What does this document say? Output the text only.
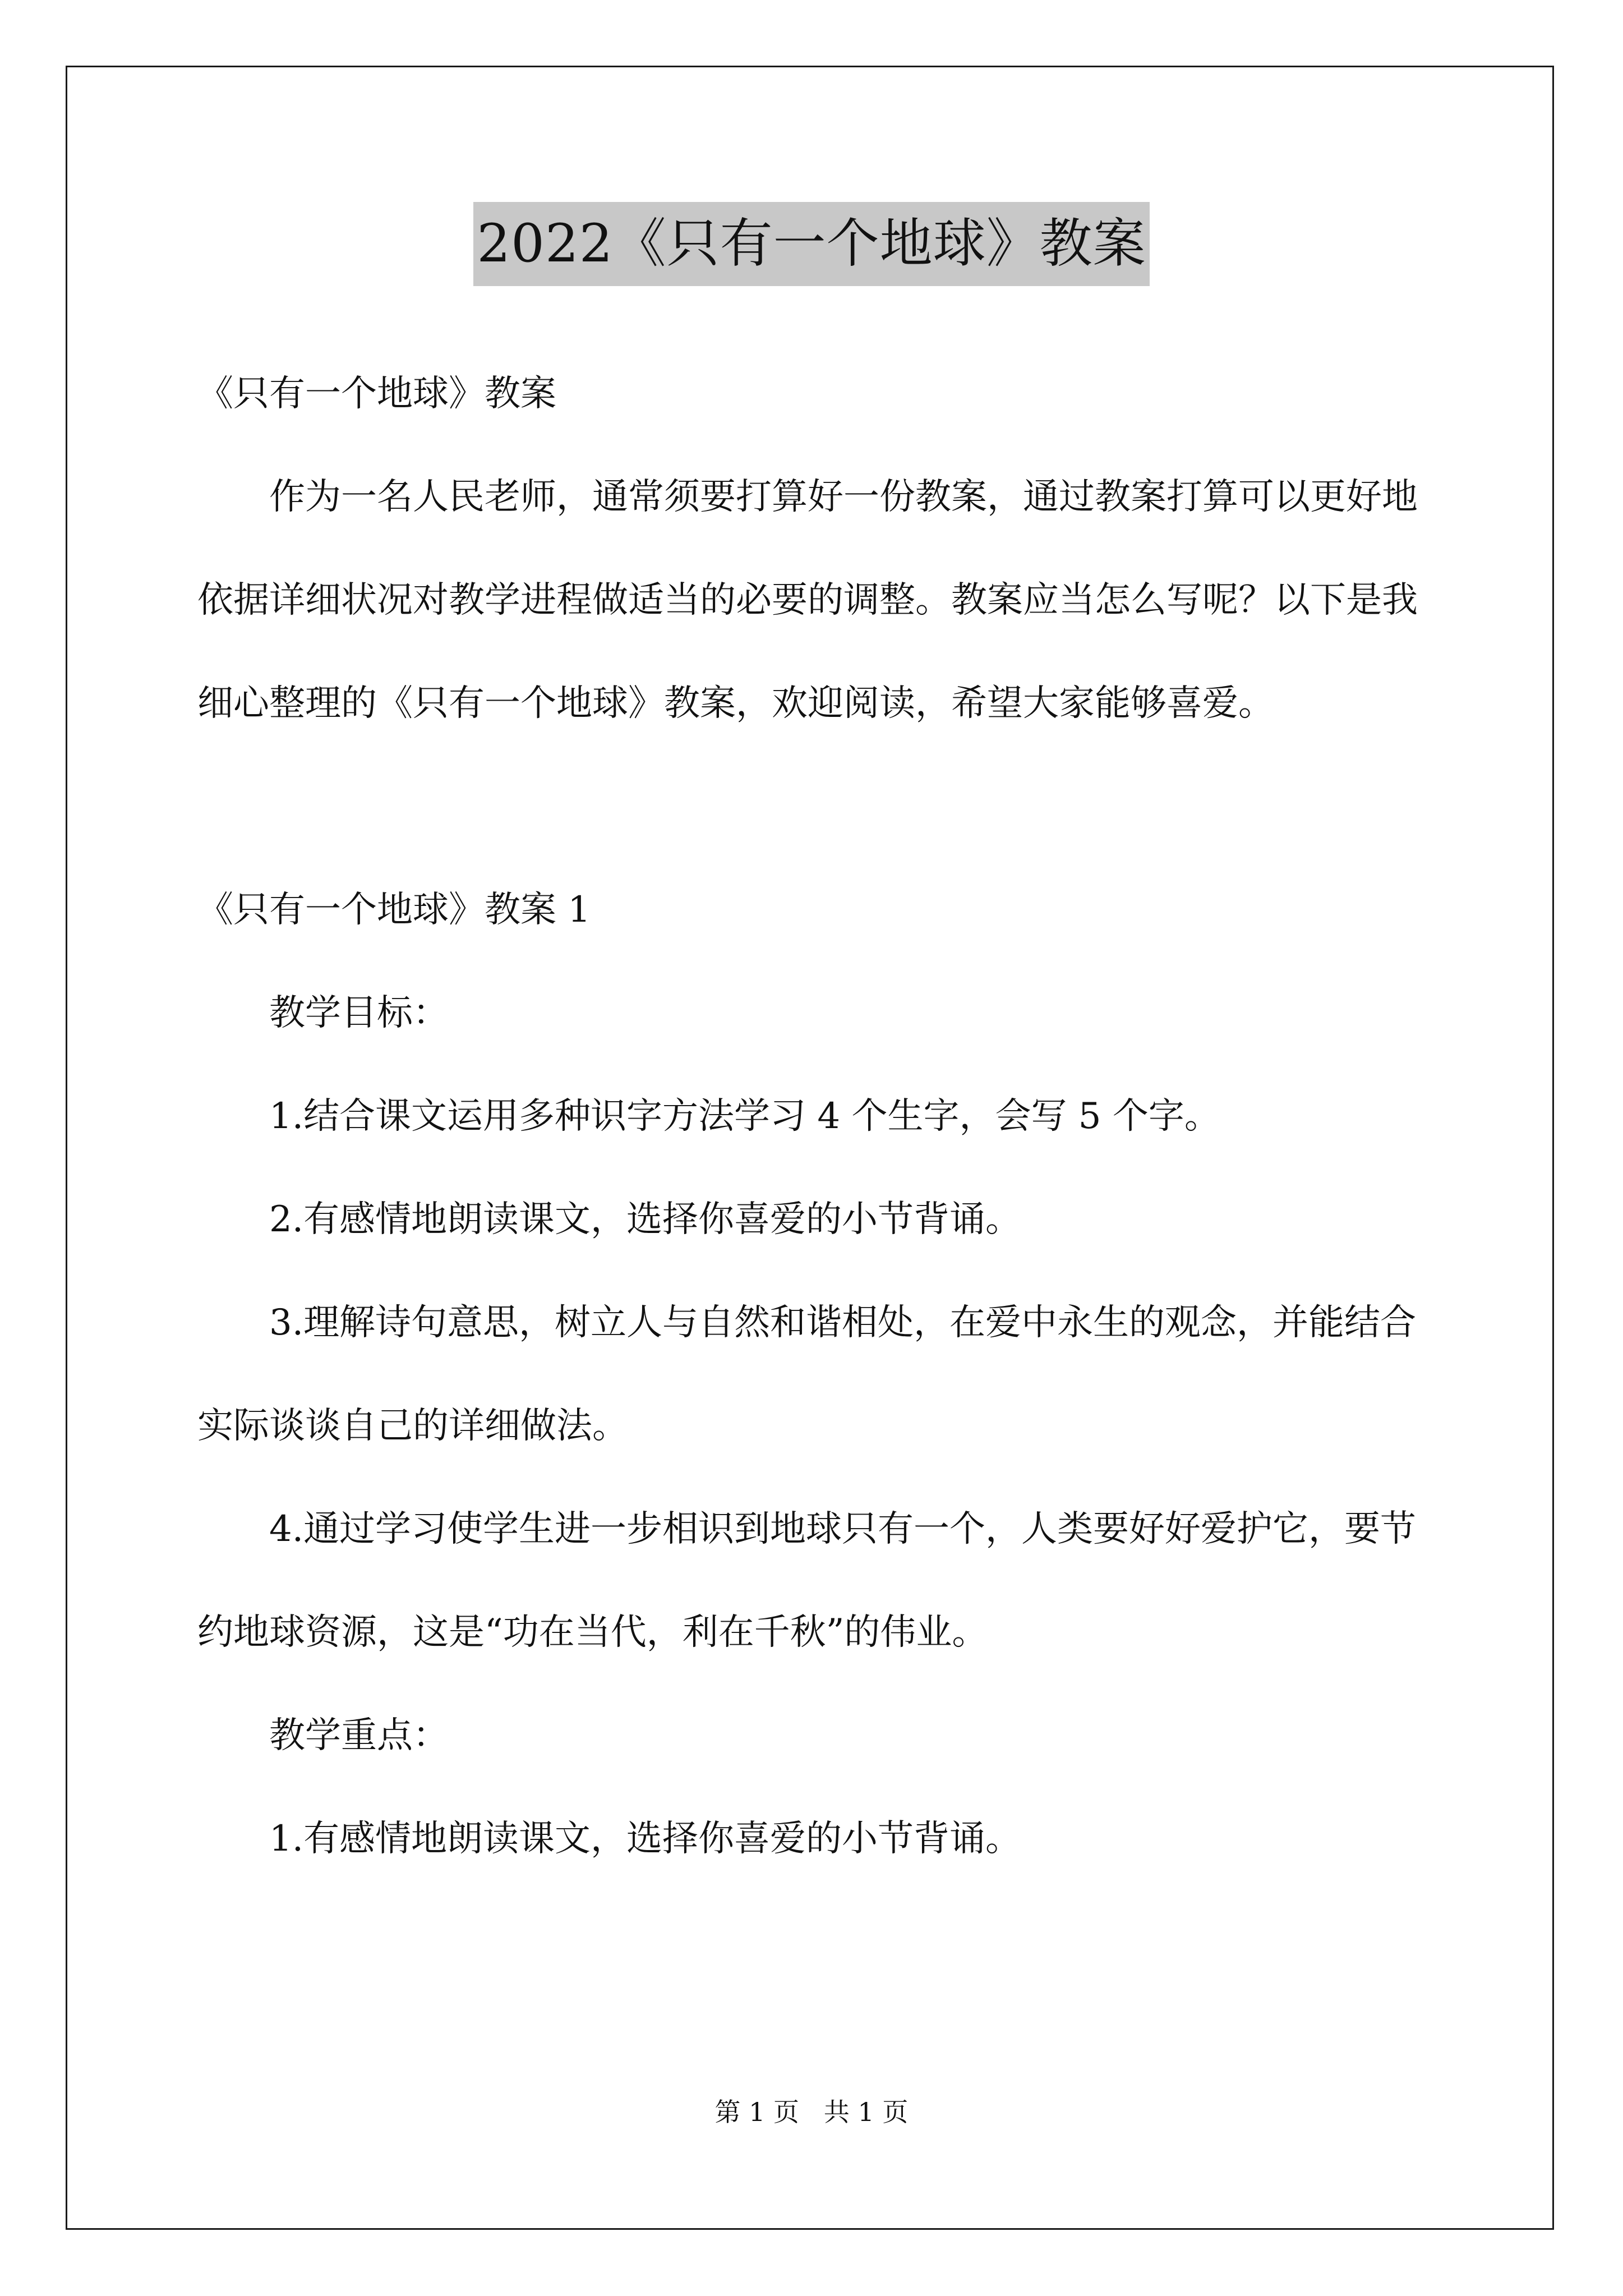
2022《只有一个地球》教案

《只有一个地球》教案

作为一名人民老师，通常须要打算好一份教案，通过教案打算可以更好地依据详细状况对教学进程做适当的必要的调整。教案应当怎么写呢？以下是我细心整理的《只有一个地球》教案，欢迎阅读，希望大家能够喜爱。

《只有一个地球》教案 1

教学目标：

1.结合课文运用多种识字方法学习 4 个生字，会写 5 个字。

2.有感情地朗读课文，选择你喜爱的小节背诵。

3.理解诗句意思，树立人与自然和谐相处，在爱中永生的观念，并能结合实际谈谈自己的详细做法。

4.通过学习使学生进一步相识到地球只有一个，人类要好好爱护它，要节约地球资源，这是“功在当代，利在千秋”的伟业。

教学重点：

1.有感情地朗读课文，选择你喜爱的小节背诵。

第 1 页   共 1 页
